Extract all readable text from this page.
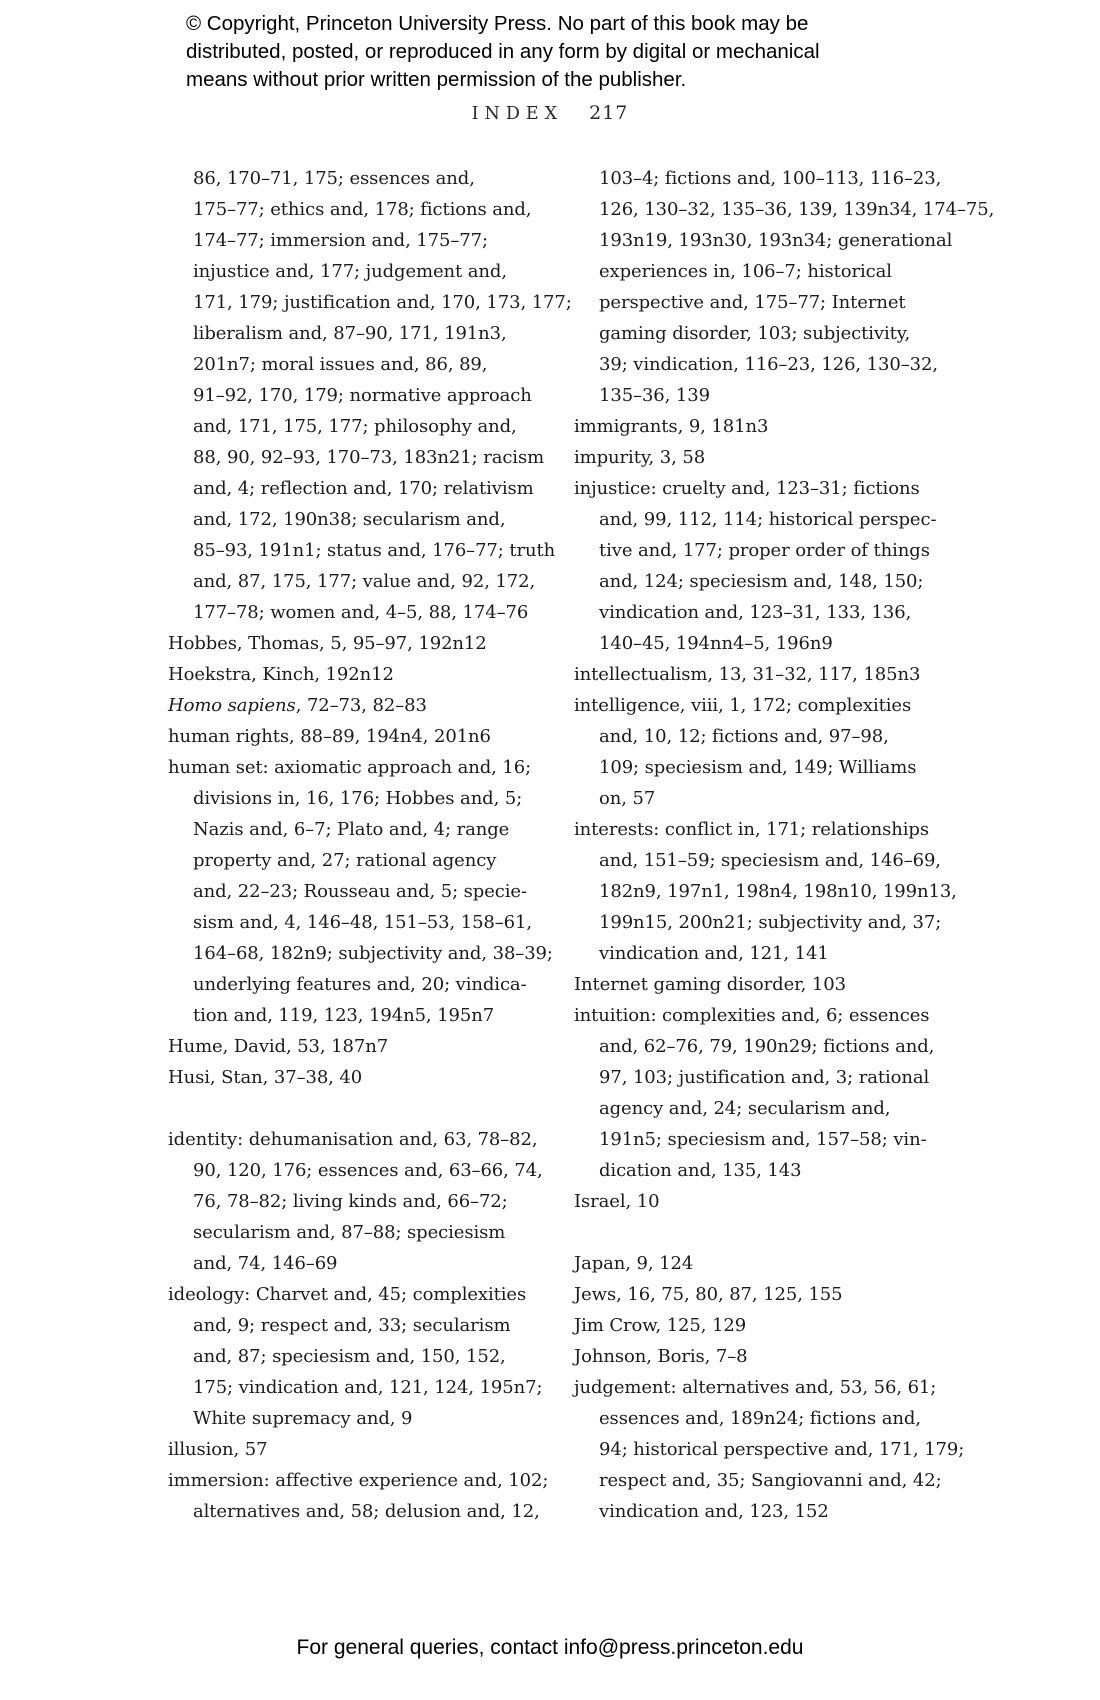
© Copyright, Princeton University Press. No part of this book may be
distributed, posted, or reproduced in any form by digital or mechanical
means without prior written permission of the publisher.
INDEX 217
86, 170–71, 175; essences and,
175–77; ethics and, 178; fictions and,
174–77; immersion and, 175–77;
injustice and, 177; judgement and,
171, 179; justification and, 170, 173, 177;
liberalism and, 87–90, 171, 191n3,
201n7; moral issues and, 86, 89,
91–92, 170, 179; normative approach
and, 171, 175, 177; philosophy and,
88, 90, 92–93, 170–73, 183n21; racism
and, 4; reflection and, 170; relativism
and, 172, 190n38; secularism and,
85–93, 191n1; status and, 176–77; truth
and, 87, 175, 177; value and, 92, 172,
177–78; women and, 4–5, 88, 174–76
Hobbes, Thomas, 5, 95–97, 192n12
Hoekstra, Kinch, 192n12
Homo sapiens, 72–73, 82–83
human rights, 88–89, 194n4, 201n6
human set: axiomatic approach and, 16;
divisions in, 16, 176; Hobbes and, 5;
Nazis and, 6–7; Plato and, 4; range
property and, 27; rational agency
and, 22–23; Rousseau and, 5; specie-
sism and, 4, 146–48, 151–53, 158–61,
164–68, 182n9; subjectivity and, 38–39;
underlying features and, 20; vindica-
tion and, 119, 123, 194n5, 195n7
Hume, David, 53, 187n7
Husi, Stan, 37–38, 40

identity: dehumanisation and, 63, 78–82,
90, 120, 176; essences and, 63–66, 74,
76, 78–82; living kinds and, 66–72;
secularism and, 87–88; speciesism
and, 74, 146–69
ideology: Charvet and, 45; complexities
and, 9; respect and, 33; secularism
and, 87; speciesism and, 150, 152,
175; vindication and, 121, 124, 195n7;
White supremacy and, 9
illusion, 57
immersion: affective experience and, 102;
alternatives and, 58; delusion and, 12,
103–4; fictions and, 100–113, 116–23,
126, 130–32, 135–36, 139, 139n34, 174–75,
193n19, 193n30, 193n34; generational
experiences in, 106–7; historical
perspective and, 175–77; Internet
gaming disorder, 103; subjectivity,
39; vindication, 116–23, 126, 130–32,
135–36, 139
immigrants, 9, 181n3
impurity, 3, 58
injustice: cruelty and, 123–31; fictions
and, 99, 112, 114; historical perspec-
tive and, 177; proper order of things
and, 124; speciesism and, 148, 150;
vindication and, 123–31, 133, 136,
140–45, 194nn4–5, 196n9
intellectualism, 13, 31–32, 117, 185n3
intelligence, viii, 1, 172; complexities
and, 10, 12; fictions and, 97–98,
109; speciesism and, 149; Williams
on, 57
interests: conflict in, 171; relationships
and, 151–59; speciesism and, 146–69,
182n9, 197n1, 198n4, 198n10, 199n13,
199n15, 200n21; subjectivity and, 37;
vindication and, 121, 141
Internet gaming disorder, 103
intuition: complexities and, 6; essences
and, 62–76, 79, 190n29; fictions and,
97, 103; justification and, 3; rational
agency and, 24; secularism and,
191n5; speciesism and, 157–58; vin-
dication and, 135, 143
Israel, 10

Japan, 9, 124
Jews, 16, 75, 80, 87, 125, 155
Jim Crow, 125, 129
Johnson, Boris, 7–8
judgement: alternatives and, 53, 56, 61;
essences and, 189n24; fictions and,
94; historical perspective and, 171, 179;
respect and, 35; Sangiovanni and, 42;
vindication and, 123, 152
For general queries, contact info@press.princeton.edu
